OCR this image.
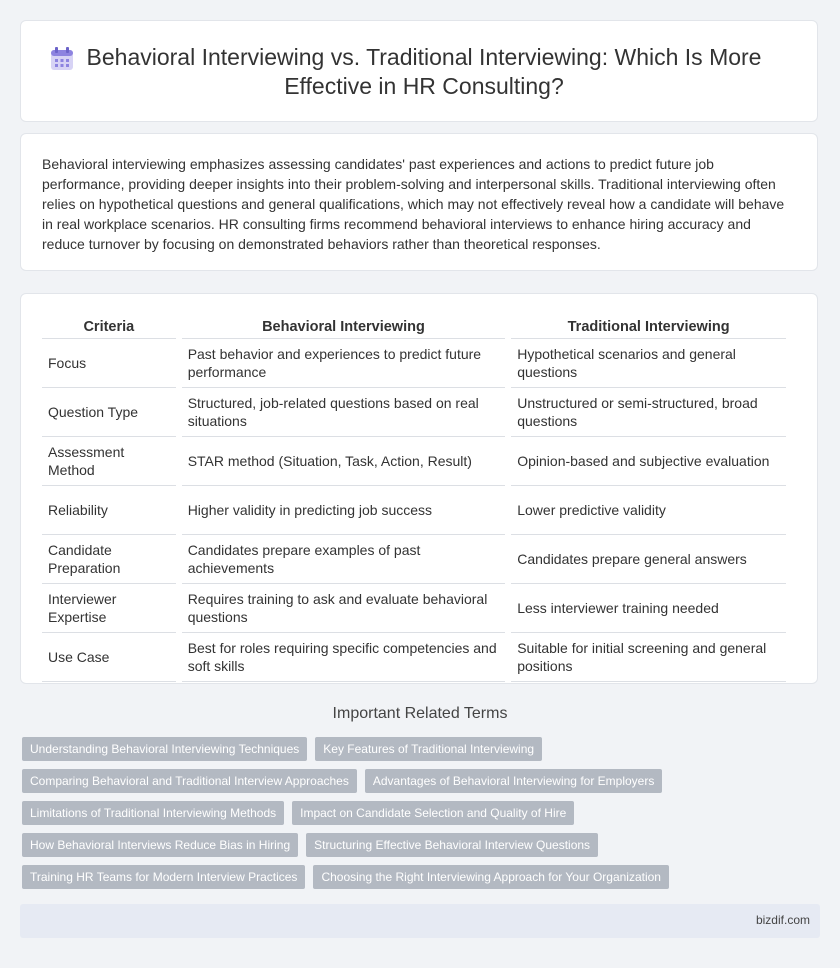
Behavioral Interviewing vs. Traditional Interviewing: Which Is More Effective in HR Consulting?
Behavioral interviewing emphasizes assessing candidates' past experiences and actions to predict future job performance, providing deeper insights into their problem-solving and interpersonal skills. Traditional interviewing often relies on hypothetical questions and general qualifications, which may not effectively reveal how a candidate will behave in real workplace scenarios. HR consulting firms recommend behavioral interviews to enhance hiring accuracy and reduce turnover by focusing on demonstrated behaviors rather than theoretical responses.
Criteria	Behavioral Interviewing	Traditional Interviewing
Focus	Past behavior and experiences to predict future performance	Hypothetical scenarios and general questions
Question Type	Structured, job-related questions based on real situations	Unstructured or semi-structured, broad questions
Assessment Method	STAR method (Situation, Task, Action, Result)	Opinion-based and subjective evaluation
Reliability	Higher validity in predicting job success	Lower predictive validity
Candidate Preparation	Candidates prepare examples of past achievements	Candidates prepare general answers
Interviewer Expertise	Requires training to ask and evaluate behavioral questions	Less interviewer training needed
Use Case	Best for roles requiring specific competencies and soft skills	Suitable for initial screening and general positions
Important Related Terms
Understanding Behavioral Interviewing Techniques	Key Features of Traditional Interviewing
Comparing Behavioral and Traditional Interview Approaches	Advantages of Behavioral Interviewing for Employers
Limitations of Traditional Interviewing Methods	Impact on Candidate Selection and Quality of Hire
How Behavioral Interviews Reduce Bias in Hiring	Structuring Effective Behavioral Interview Questions
Training HR Teams for Modern Interview Practices	Choosing the Right Interviewing Approach for Your Organization
bizdif.com
